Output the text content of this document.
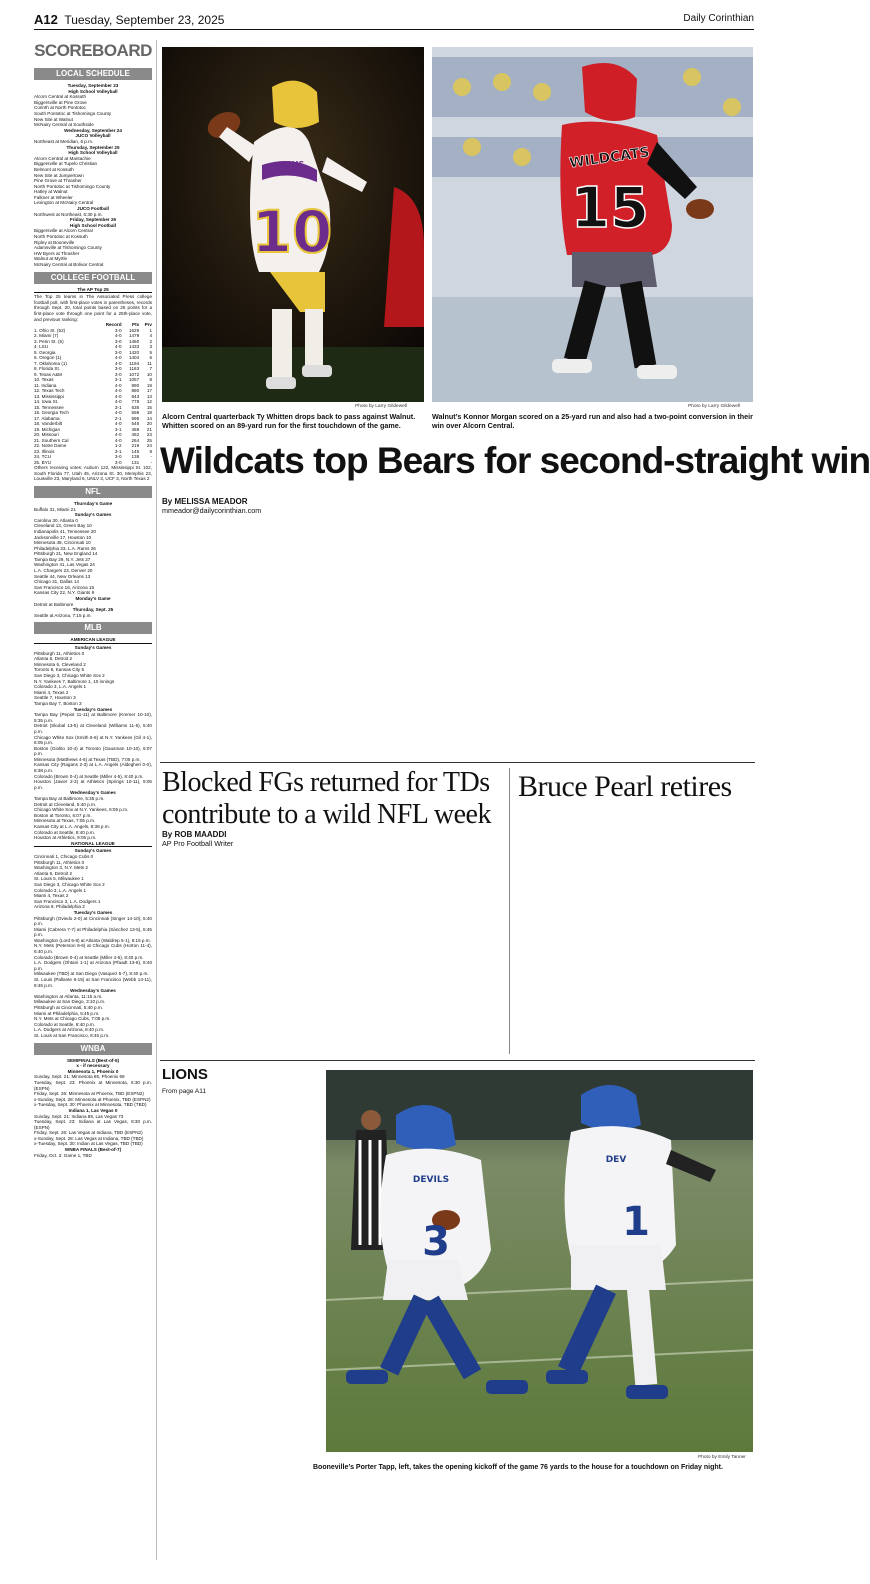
A12 Tuesday, September 23, 2025	Daily Corinthian
SCOREBOARD
LOCAL SCHEDULE
Tuesday, September 23
High School Volleyball
Alcorn Central at Kossuth
Biggersville at Pine Grove
Corinth at North Pontotoc
South Pontotoc at Tishomingo County
New Site at Walnut
McNairy Central at Southside
Wednesday, September 24
JUCO Volleyball
Northeast at Meridian, 6 p.m.
Thursday, September 25
High School Volleyball
Alcorn Central at Mantachie
Biggersville at Tupelo Christian
Belmont at Kossuth
New Site at Jumpertown
Pine Grove at Thrasher
North Pontotoc at Tishomingo County
Hatley at Walnut
Falkner at Wheeler
Lexington at McNairy Central
JUCO Football
Northwest at Northeast, 6:30 p.m.
Friday, September 26
High School Football
Biggersville at Alcorn Central
North Pontotoc at Kossuth
Ripley at Booneville
Adamsville at Tishomingo County
HW Byers at Thrasher
Walnut at Myrtle
McNairy Central at Bolivar Central
COLLEGE FOOTBALL
The AP Top 25
The Top 25 teams in The Associated Press college football poll, with first-place votes in parentheses, records through Sept. 20, total points based on 25 points for a first-place vote through one point for a 25th-place vote, and previous ranking:
	Record	Pts	Prv
1. Ohio St. (52)	3-0	1629	1
2. Miami (7)	4-0	1479	4
3. Penn St. (5)	3-0	1460	2
4. LSU	4-0	1433	3
5. Georgia	3-0	1420	5
6. Oregon (1)	4-0	1404	6
7. Oklahoma (1)	4-0	1194	11
8. Florida St.	3-0	1163	7
9. Texas A&M	3-0	1072	10
10. Texas	3-1	1057	8
11. Indiana	4-0	990	19
12. Texas Tech	4-0	880	17
13. Mississippi	4-0	843	13
14. Iowa St.	4-0	779	12
15. Tennessee	3-1	635	15
16. Georgia Tech	4-0	598	18
17. Alabama	2-1	595	14
18. Vanderbilt	4-0	546	20
19. Michigan	3-1	458	21
20. Missouri	4-0	452	23
21. Southern Cal	4-0	264	25
22. Notre Dame	1-2	219	24
23. Illinois	3-1	145	9
24. TCU	3-0	138	-
25. BYU	3-0	131	-
Others receiving votes: Auburn 122, Mississippi St. 102, South Florida 77, Utah 45, Arizona St. 30, Memphis 23, Louisville 23, Maryland 6, UNLV 3, UCF 3, North Texas 2
NFL
Thursday's Game
Buffalo 31, Miami 21
Sunday's Games
Carolina 30, Atlanta 0
Cleveland 13, Green Bay 10
Indianapolis 41, Tennessee 20
Jacksonville 17, Houston 10
Minnesota 48, Cincinnati 10
Philadelphia 33, L.A. Rams 26
Pittsburgh 21, New England 14
Tampa Bay 29, N.Y. Jets 27
Washington 41, Las Vegas 24
L.A. Chargers 23, Denver 20
Seattle 44, New Orleans 13
Chicago 31, Dallas 14
San Francisco 16, Arizona 15
Kansas City 22, N.Y. Giants 9
Monday's Game
Detroit at Baltimore
Thursday, Sept. 25
Seattle at Arizona, 7:15 p.m.
MLB
AMERICAN LEAGUE
Sunday's Games
Pittsburgh 11, Athletics 0
Atlanta 6, Detroit 2
Minnesota 6, Cleveland 2
Toronto 8, Kansas City 5
San Diego 3, Chicago White Sox 2
N.Y. Yankees 7, Baltimore 1, 10 innings
Colorado 3, L.A. Angels 1
Miami 4, Texas 2
Seattle 7, Houston 3
Tampa Bay 7, Boston 3
Tuesday's Games
Tampa Bay (Pepiot 11-11) at Baltimore (Kremer 10-10), 5:35 p.m.
Detroit (Skubal 13-5) at Cleveland (Williams 11-5), 5:40 p.m.
Chicago White Sox (Smith 6-8) at N.Y. Yankees (Gil 4-1), 6:05 p.m.
Boston (Giolito 10-4) at Toronto (Gausman 10-10), 6:07 p.m.
Minnesota (Matthews 4-6) at Texas (TBD), 7:05 p.m.
Kansas City (Ragans 2-3) at L.A. Angels (Aldegheri 0-0), 8:38 p.m.
Colorado (Brown 0-4) at Seattle (Miller 4-5), 8:40 p.m.
Houston (Javier 2-3) at Athletics (Springs 10-11), 9:05 p.m.
Wednesday's Games
Tampa Bay at Baltimore, 5:35 p.m.
Detroit at Cleveland, 5:40 p.m.
Chicago White Sox at N.Y. Yankees, 6:05 p.m.
Boston at Toronto, 6:07 p.m.
Minnesota at Texas, 7:05 p.m.
Kansas City at L.A. Angels, 8:38 p.m.
Colorado at Seattle, 8:40 p.m.
Houston at Athletics, 9:05 p.m.
NATIONAL LEAGUE
Sunday's Games
Cincinnati 1, Chicago Cubs 0
Pittsburgh 11, Athletics 0
Washington 3, N.Y. Mets 2
Atlanta 6, Detroit 2
St. Louis 5, Milwaukee 1
San Diego 3, Chicago White Sox 2
Colorado 3, L.A. Angels 1
Miami 4, Texas 2
San Francisco 3, L.A. Dodgers 1
Arizona 9, Philadelphia 2
Tuesday's Games
Pittsburgh (Oviedo 2-0) at Cincinnati (Singer 14-10), 5:40 p.m.
Miami (Cabrera 7-7) at Philadelphia (Sánchez 13-5), 5:45 p.m.
Washington (Lord 5-8) at Atlanta (Waldrep 5-1), 6:15 p.m.
N.Y. Mets (Peterson 9-6) at Chicago Cubs (Horton 11-4), 6:40 p.m.
Colorado (Brown 0-4) at Seattle (Miller 4-5), 8:40 p.m.
L.A. Dodgers (Ohtani 1-1) at Arizona (Pfaadt 13-8), 8:40 p.m.
Milwaukee (TBD) at San Diego (Vasquez 5-7), 8:40 p.m.
St. Louis (Pallante 6-15) at San Francisco (Webb 14-11), 8:45 p.m.
Wednesday's Games
Washington at Atlanta, 11:15 a.m.
Milwaukee at San Diego, 3:10 p.m.
Pittsburgh at Cincinnati, 5:40 p.m.
Miami at Philadelphia, 5:45 p.m.
N.Y. Mets at Chicago Cubs, 7:05 p.m.
Colorado at Seattle, 8:40 p.m.
L.A. Dodgers at Arizona, 8:40 p.m.
St. Louis at San Francisco, 8:45 p.m.
WNBA
SEMIFINALS (Best-of-5)
x - if necessary
Minnesota 1, Phoenix 0
Sunday, Sept. 21: Minnesota 85, Phoenix 69
Tuesday, Sept. 23: Phoenix at Minnesota, 6:30 p.m. (ESPN)
Friday, Sept. 26: Minnesota at Phoenix, TBD (ESPN2)
x-Sunday, Sept. 28: Minnesota at Phoenix, TBD (ESPN2)
x-Tuesday, Sept. 30: Phoenix at Minnesota, TBD (TBD)
Indiana 1, Las Vegas 0
Sunday, Sept. 21: Indiana 89, Las Vegas 73
Tuesday, Sept. 23: Indiana at Las Vegas, 8:30 p.m. (ESPN)
Friday, Sept. 26: Las Vegas at Indiana, TBD (ESPN2)
x-Sunday, Sept. 28: Las Vegas at Indiana, TBD (TBD)
x-Tuesday, Sept. 30: Indian at Las Vegas, TBD (TBD)
WNBA FINALS (Best-of-7)
Friday, Oct. 3: Game 1, TBD
10
ACHS
Photo by Larry Gildewell
Alcorn Central quarterback Ty Whitten drops back to pass against Walnut. Whitten scored on an 89-yard run for the first touchdown of the game.
15
WILDCATS
Photo by Larry Gildewell
Walnut’s Konnor Morgan scored on a 25-yard run and also had a two-point conversion in their win over Alcorn Central.
Wildcats top Bears for second-straight win
By MELISSA MEADOR
mmeador@dailycorinthian.com
Blocked FGs returned for TDs contribute to a wild NFL week
By ROB MAADDI
AP Pro Football Writer
Bruce Pearl retires
LIONS
From page A11
3
DEVILS
1
DEV
Photo by Emily Tanner
Booneville’s Porter Tapp, left, takes the opening kickoff of the game 76 yards to the house for a touchdown on Friday night.
